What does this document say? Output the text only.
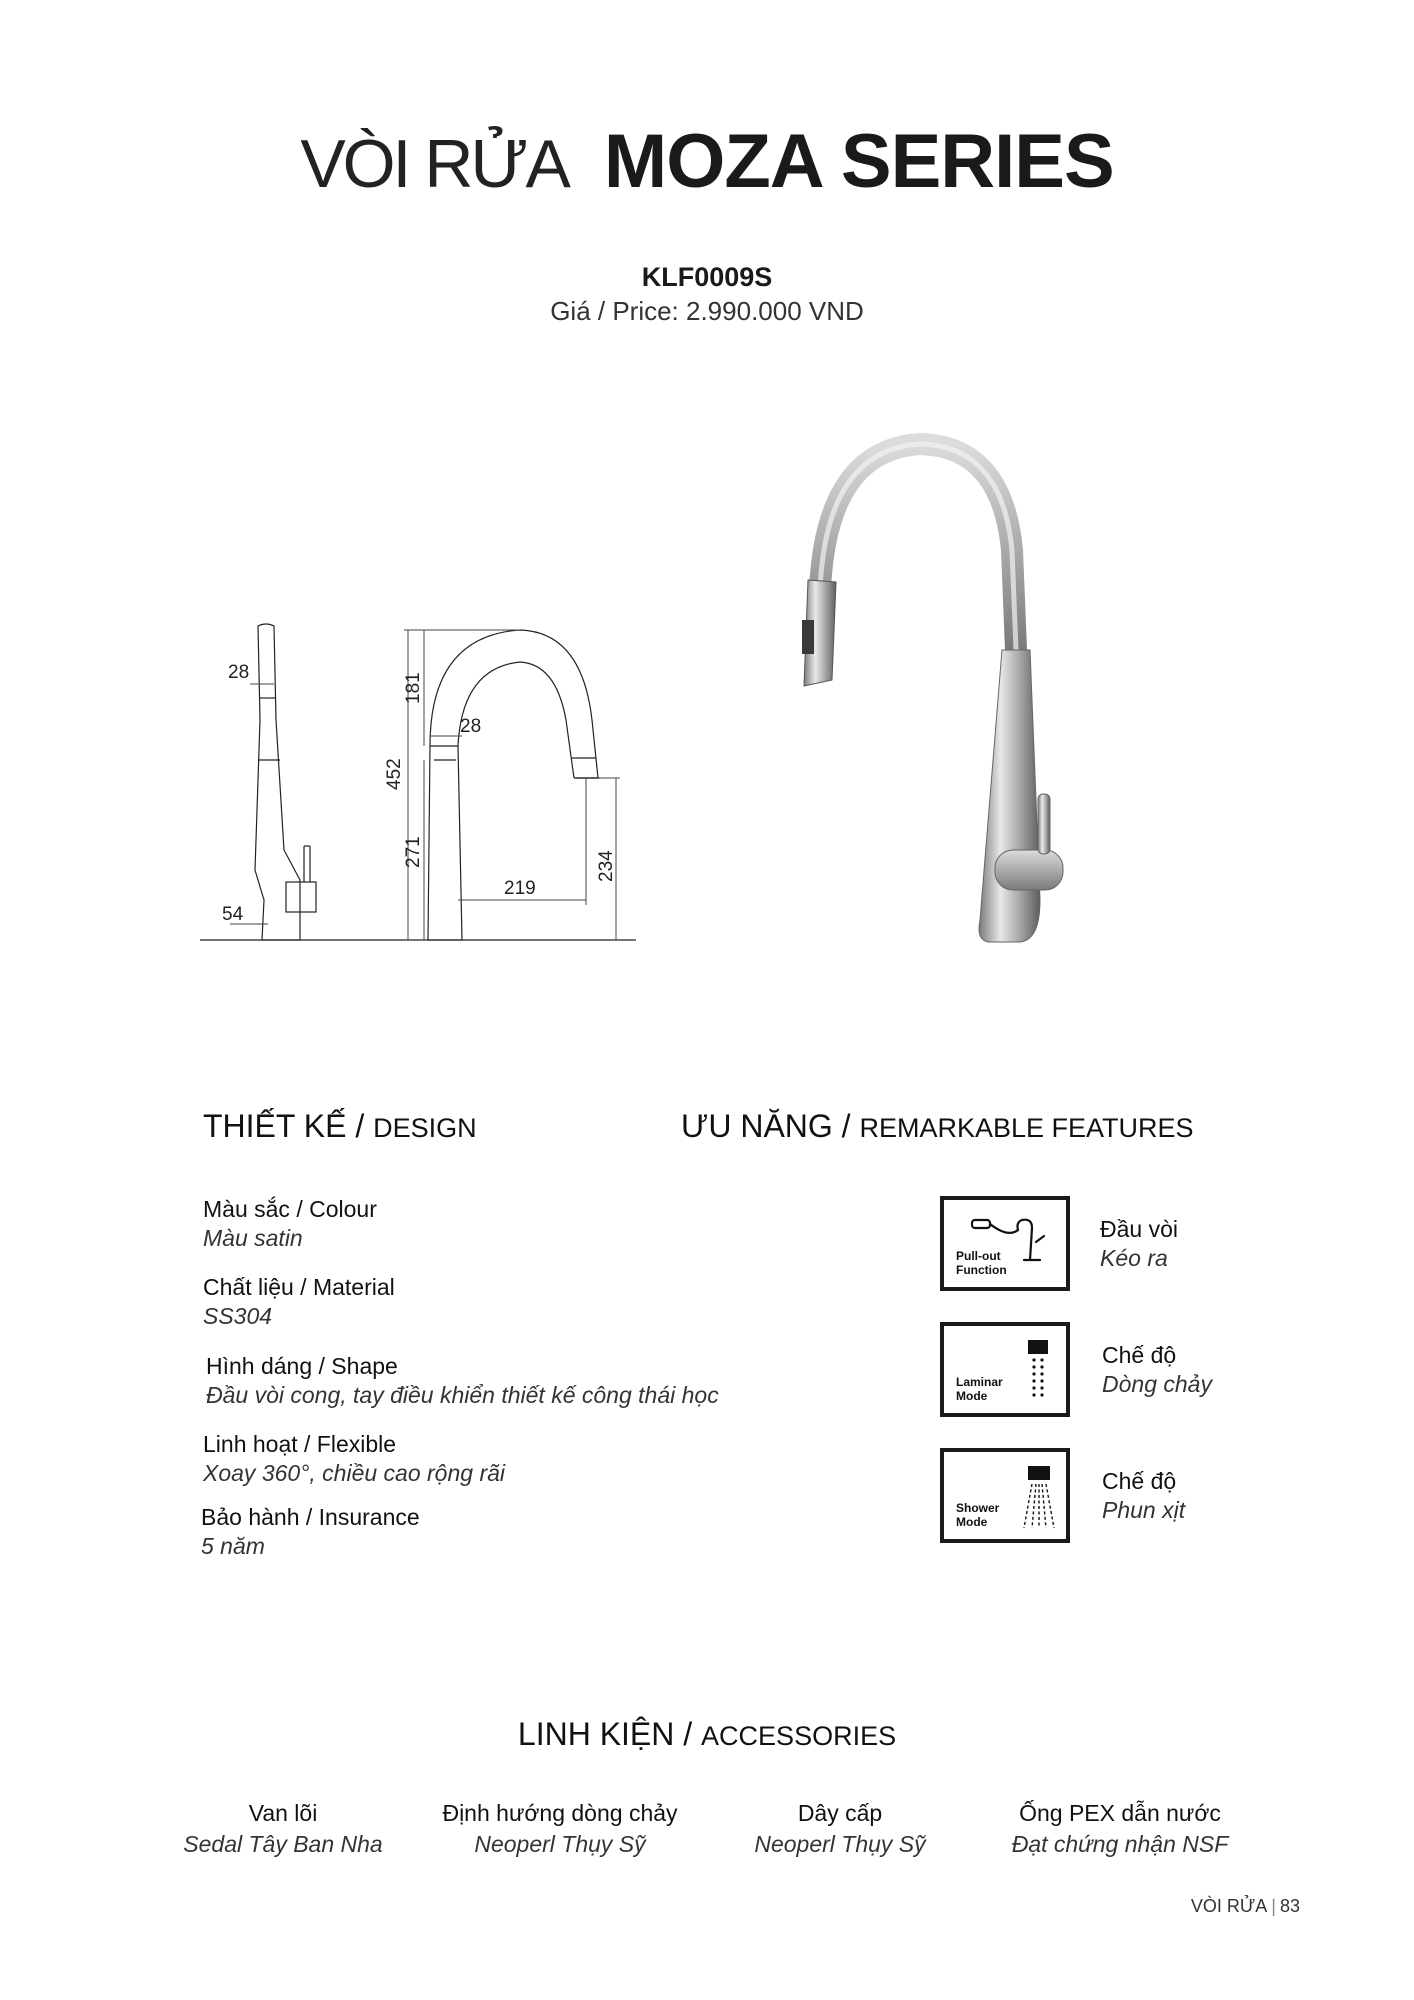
VÒI RỬA MOZA SERIES
KLF0009S
Giá / Price: 2.990.000 VND
28
54
452
181
271
28
219
234
THIẾT KẾ / DESIGN
Màu sắc / Colour
Màu satin
Chất liệu / Material
SS304
Hình dáng / Shape
Đầu vòi cong, tay điều khiển thiết kế công thái học
Linh hoạt / Flexible
Xoay 360°, chiều cao rộng rãi
Bảo hành / Insurance
5 năm
ƯU NĂNG / REMARKABLE FEATURES
Pull-out
Function
Đầu vòi
Kéo ra
Laminar
Mode
Chế độ
Dòng chảy
Shower
Mode
Chế độ
Phun xịt
LINH KIỆN / ACCESSORIES
Van lõi
Sedal Tây Ban Nha
Định hướng dòng chảy
Neoperl Thụy Sỹ
Dây cấp
Neoperl Thụy Sỹ
Ống PEX dẫn nước
Đạt chứng nhận NSF
VÒI RỬA | 83
